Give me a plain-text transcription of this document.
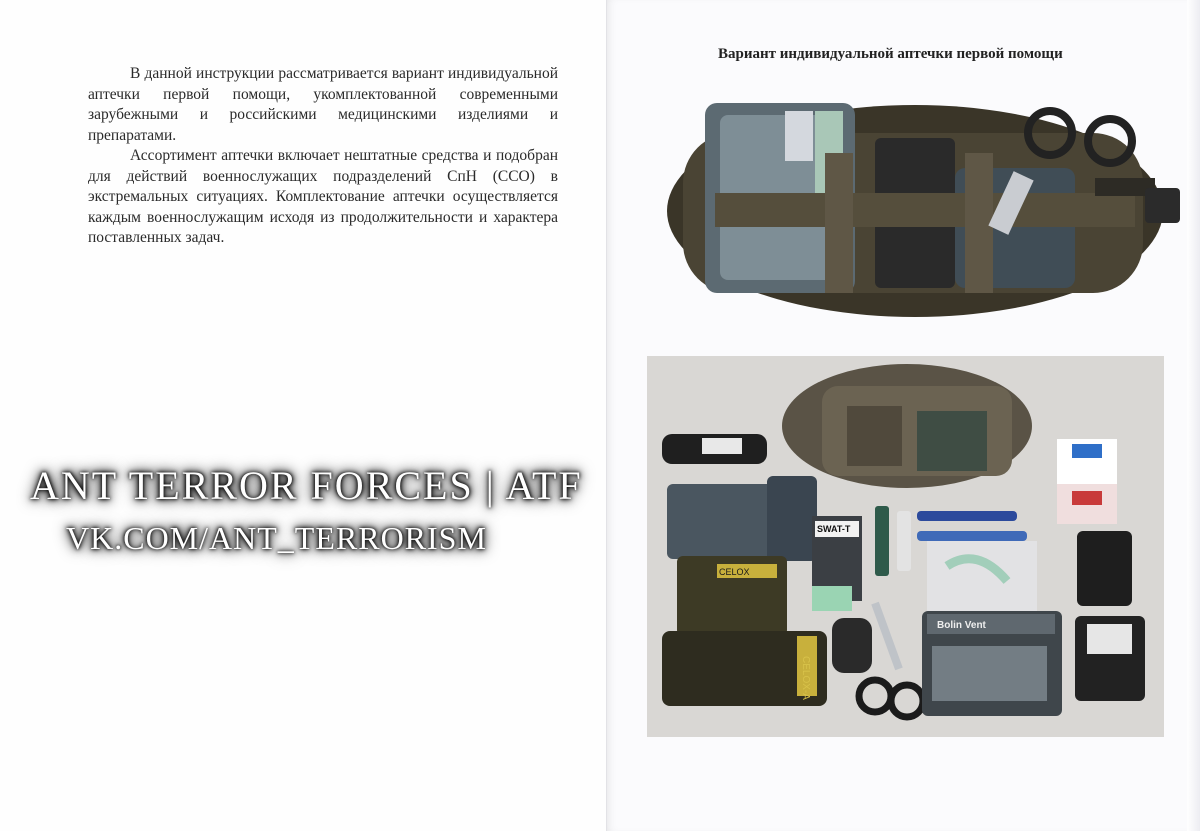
В данной инструкции рассматривается вариант индивидуальной аптечки первой помощи, укомплектованной современными зарубежными и российскими медицинскими изделиями и препаратами.

Ассортимент аптечки включает нештатные средства и подобран для действий военнослужащих подразделений СпН (ССО) в экстремальных ситуациях. Комплектование аптечки осуществляется каждым военнослужащим исходя из продолжительности и характера поставленных задач.

ANT TERROR FORCES | ATF
VK.COM/ANT_TERRORISM
Вариант индивидуальной аптечки первой помощи
CELOX
CELOX-A
SWAT-T
Bolin Vent
